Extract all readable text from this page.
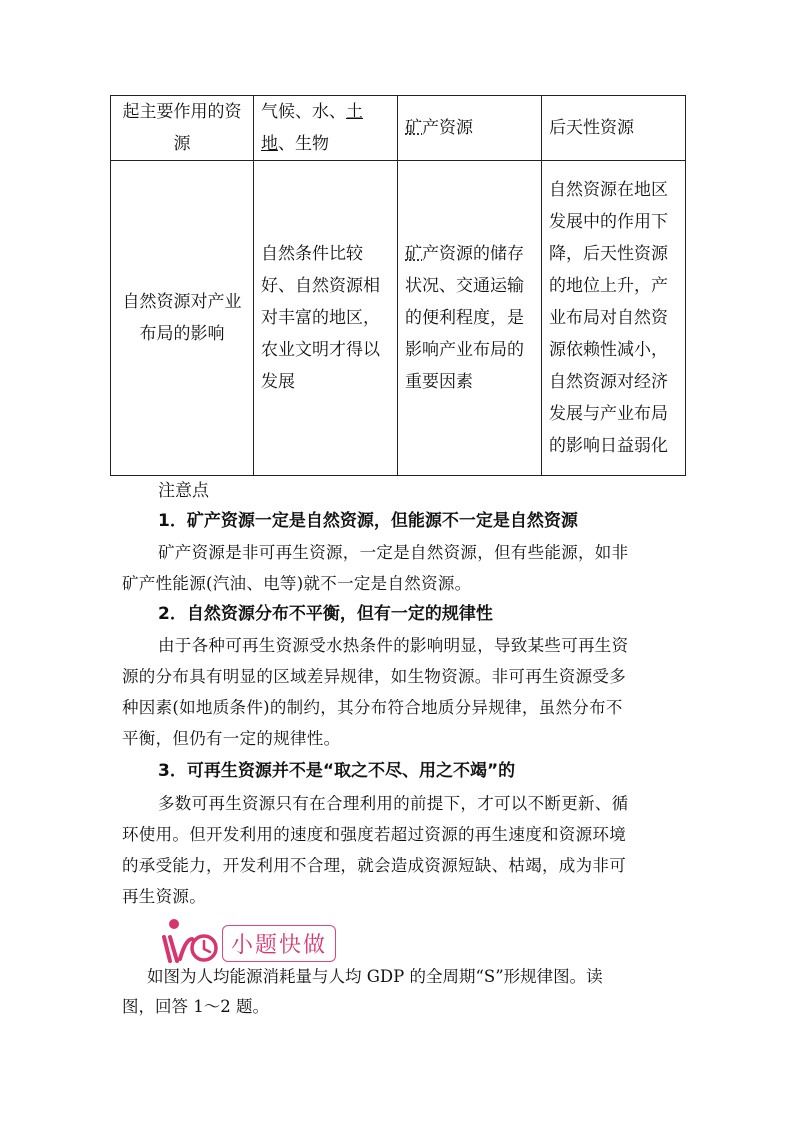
起主要作用的资源	气候、水、土地、生物	矿产资源	后天性资源
自然资源对产业布局的影响	自然条件比较好、自然资源相对丰富的地区，农业文明才得以发展	矿产资源的储存状况、交通运输的便利程度，是影响产业布局的重要因素	自然资源在地区发展中的作用下降，后天性资源的地位上升，产业布局对自然资源依赖性减小，自然资源对经济发展与产业布局的影响日益弱化
注意点
1．矿产资源一定是自然资源，但能源不一定是自然资源
矿产资源是非可再生资源，一定是自然资源，但有些能源，如非
矿产性能源(汽油、电等)就不一定是自然资源。
2．自然资源分布不平衡，但有一定的规律性
由于各种可再生资源受水热条件的影响明显，导致某些可再生资
源的分布具有明显的区域差异规律，如生物资源。非可再生资源受多
种因素(如地质条件)的制约，其分布符合地质分异规律，虽然分布不
平衡，但仍有一定的规律性。
3．可再生资源并不是“取之不尽、用之不竭”的
多数可再生资源只有在合理利用的前提下，才可以不断更新、循
环使用。但开发利用的速度和强度若超过资源的再生速度和资源环境
的承受能力，开发利用不合理，就会造成资源短缺、枯竭，成为非可
再生资源。
小题快做
如图为人均能源消耗量与人均 GDP 的全周期“S”形规律图。读
图，回答 1～2 题。
